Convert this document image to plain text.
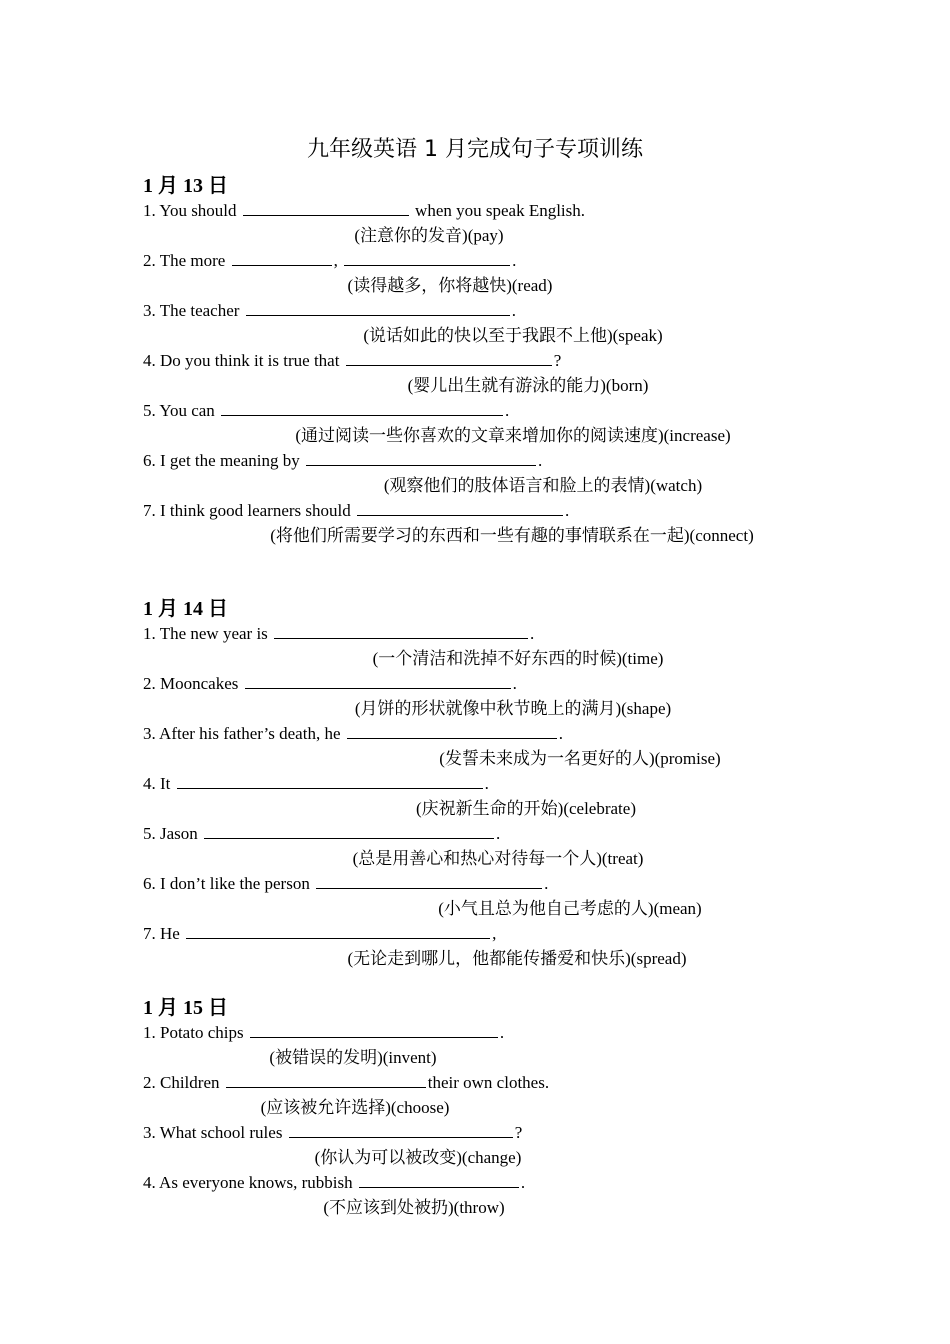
九年级英语 1 月完成句子专项训练
1 月 13 日
1. You should	when you speak English.
(注意你的发音)(pay)
2. The more	,	.
(读得越多，你将越快)(read)
3. The teacher	.
(说话如此的快以至于我跟不上他)(speak)
4. Do you think it is true that	?
(婴儿出生就有游泳的能力)(born)
5. You can	.
(通过阅读一些你喜欢的文章来增加你的阅读速度)(increase)
6. I get the meaning by	.
(观察他们的肢体语言和脸上的表情)(watch)
7. I think good learners should	.
(将他们所需要学习的东西和一些有趣的事情联系在一起)(connect)
1 月 14 日
1. The new year is	.
(一个清洁和洗掉不好东西的时候)(time)
2. Mooncakes	.
(月饼的形状就像中秋节晚上的满月)(shape)
3. After his father’s death, he	.
(发誓未来成为一名更好的人)(promise)
4. It	.
(庆祝新生命的开始)(celebrate)
5. Jason	.
(总是用善心和热心对待每一个人)(treat)
6. I don’t like the person	.
(小气且总为他自己考虑的人)(mean)
7. He	,
(无论走到哪儿，他都能传播爱和快乐)(spread)
1 月 15 日
1. Potato chips	.
(被错误的发明)(invent)
2. Children	their own clothes.
(应该被允许选择)(choose)
3. What school rules	?
(你认为可以被改变)(change)
4. As everyone knows, rubbish	.
(不应该到处被扔)(throw)
